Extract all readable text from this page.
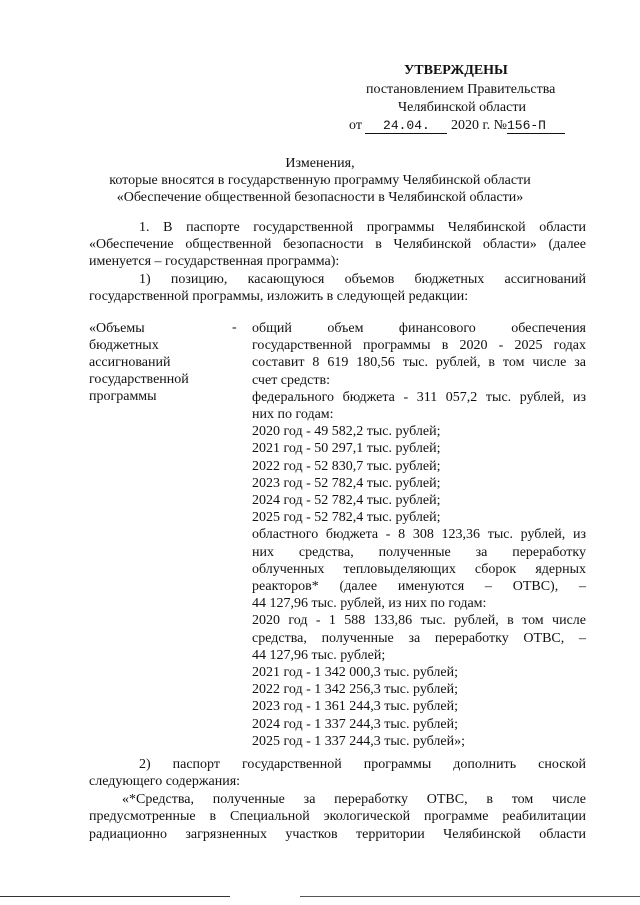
УТВЕРЖДЕНЫ
постановлением Правительства
Челябинской области
от 24.04. 2020 г. №156-П
Изменения,
которые вносятся в государственную программу Челябинской области
«Обеспечение общественной безопасности в Челябинской области»
1. В паспорте государственной программы Челябинской области
«Обеспечение общественной безопасности в Челябинской области» (далее
именуется – государственная программа):
1) позицию, касающуюся объемов бюджетных ассигнований
государственной программы, изложить в следующей редакции:
«Объемы
бюджетных
ассигнований
государственной
программы
- общий объем финансового обеспечения
государственной программы в 2020 - 2025 годах
составит 8 619 180,56 тыс. рублей, в том числе за
счет средств:
федерального бюджета - 311 057,2 тыс. рублей, из
них по годам:
2020 год - 49 582,2 тыс. рублей;
2021 год - 50 297,1 тыс. рублей;
2022 год - 52 830,7 тыс. рублей;
2023 год - 52 782,4 тыс. рублей;
2024 год - 52 782,4 тыс. рублей;
2025 год - 52 782,4 тыс. рублей;
областного бюджета - 8 308 123,36 тыс. рублей, из
них средства, полученные за переработку
облученных тепловыделяющих сборок ядерных
реакторов* (далее именуются – ОТВС), –
44 127,96 тыс. рублей, из них по годам:
2020 год - 1 588 133,86 тыс. рублей, в том числе
средства, полученные за переработку ОТВС, –
44 127,96 тыс. рублей;
2021 год - 1 342 000,3 тыс. рублей;
2022 год - 1 342 256,3 тыс. рублей;
2023 год - 1 361 244,3 тыс. рублей;
2024 год - 1 337 244,3 тыс. рублей;
2025 год - 1 337 244,3 тыс. рублей»;
2) паспорт государственной программы дополнить сноской
следующего содержания:
«*Средства, полученные за переработку ОТВС, в том числе
предусмотренные в Специальной экологической программе реабилитации
радиационно загрязненных участков территории Челябинской области
